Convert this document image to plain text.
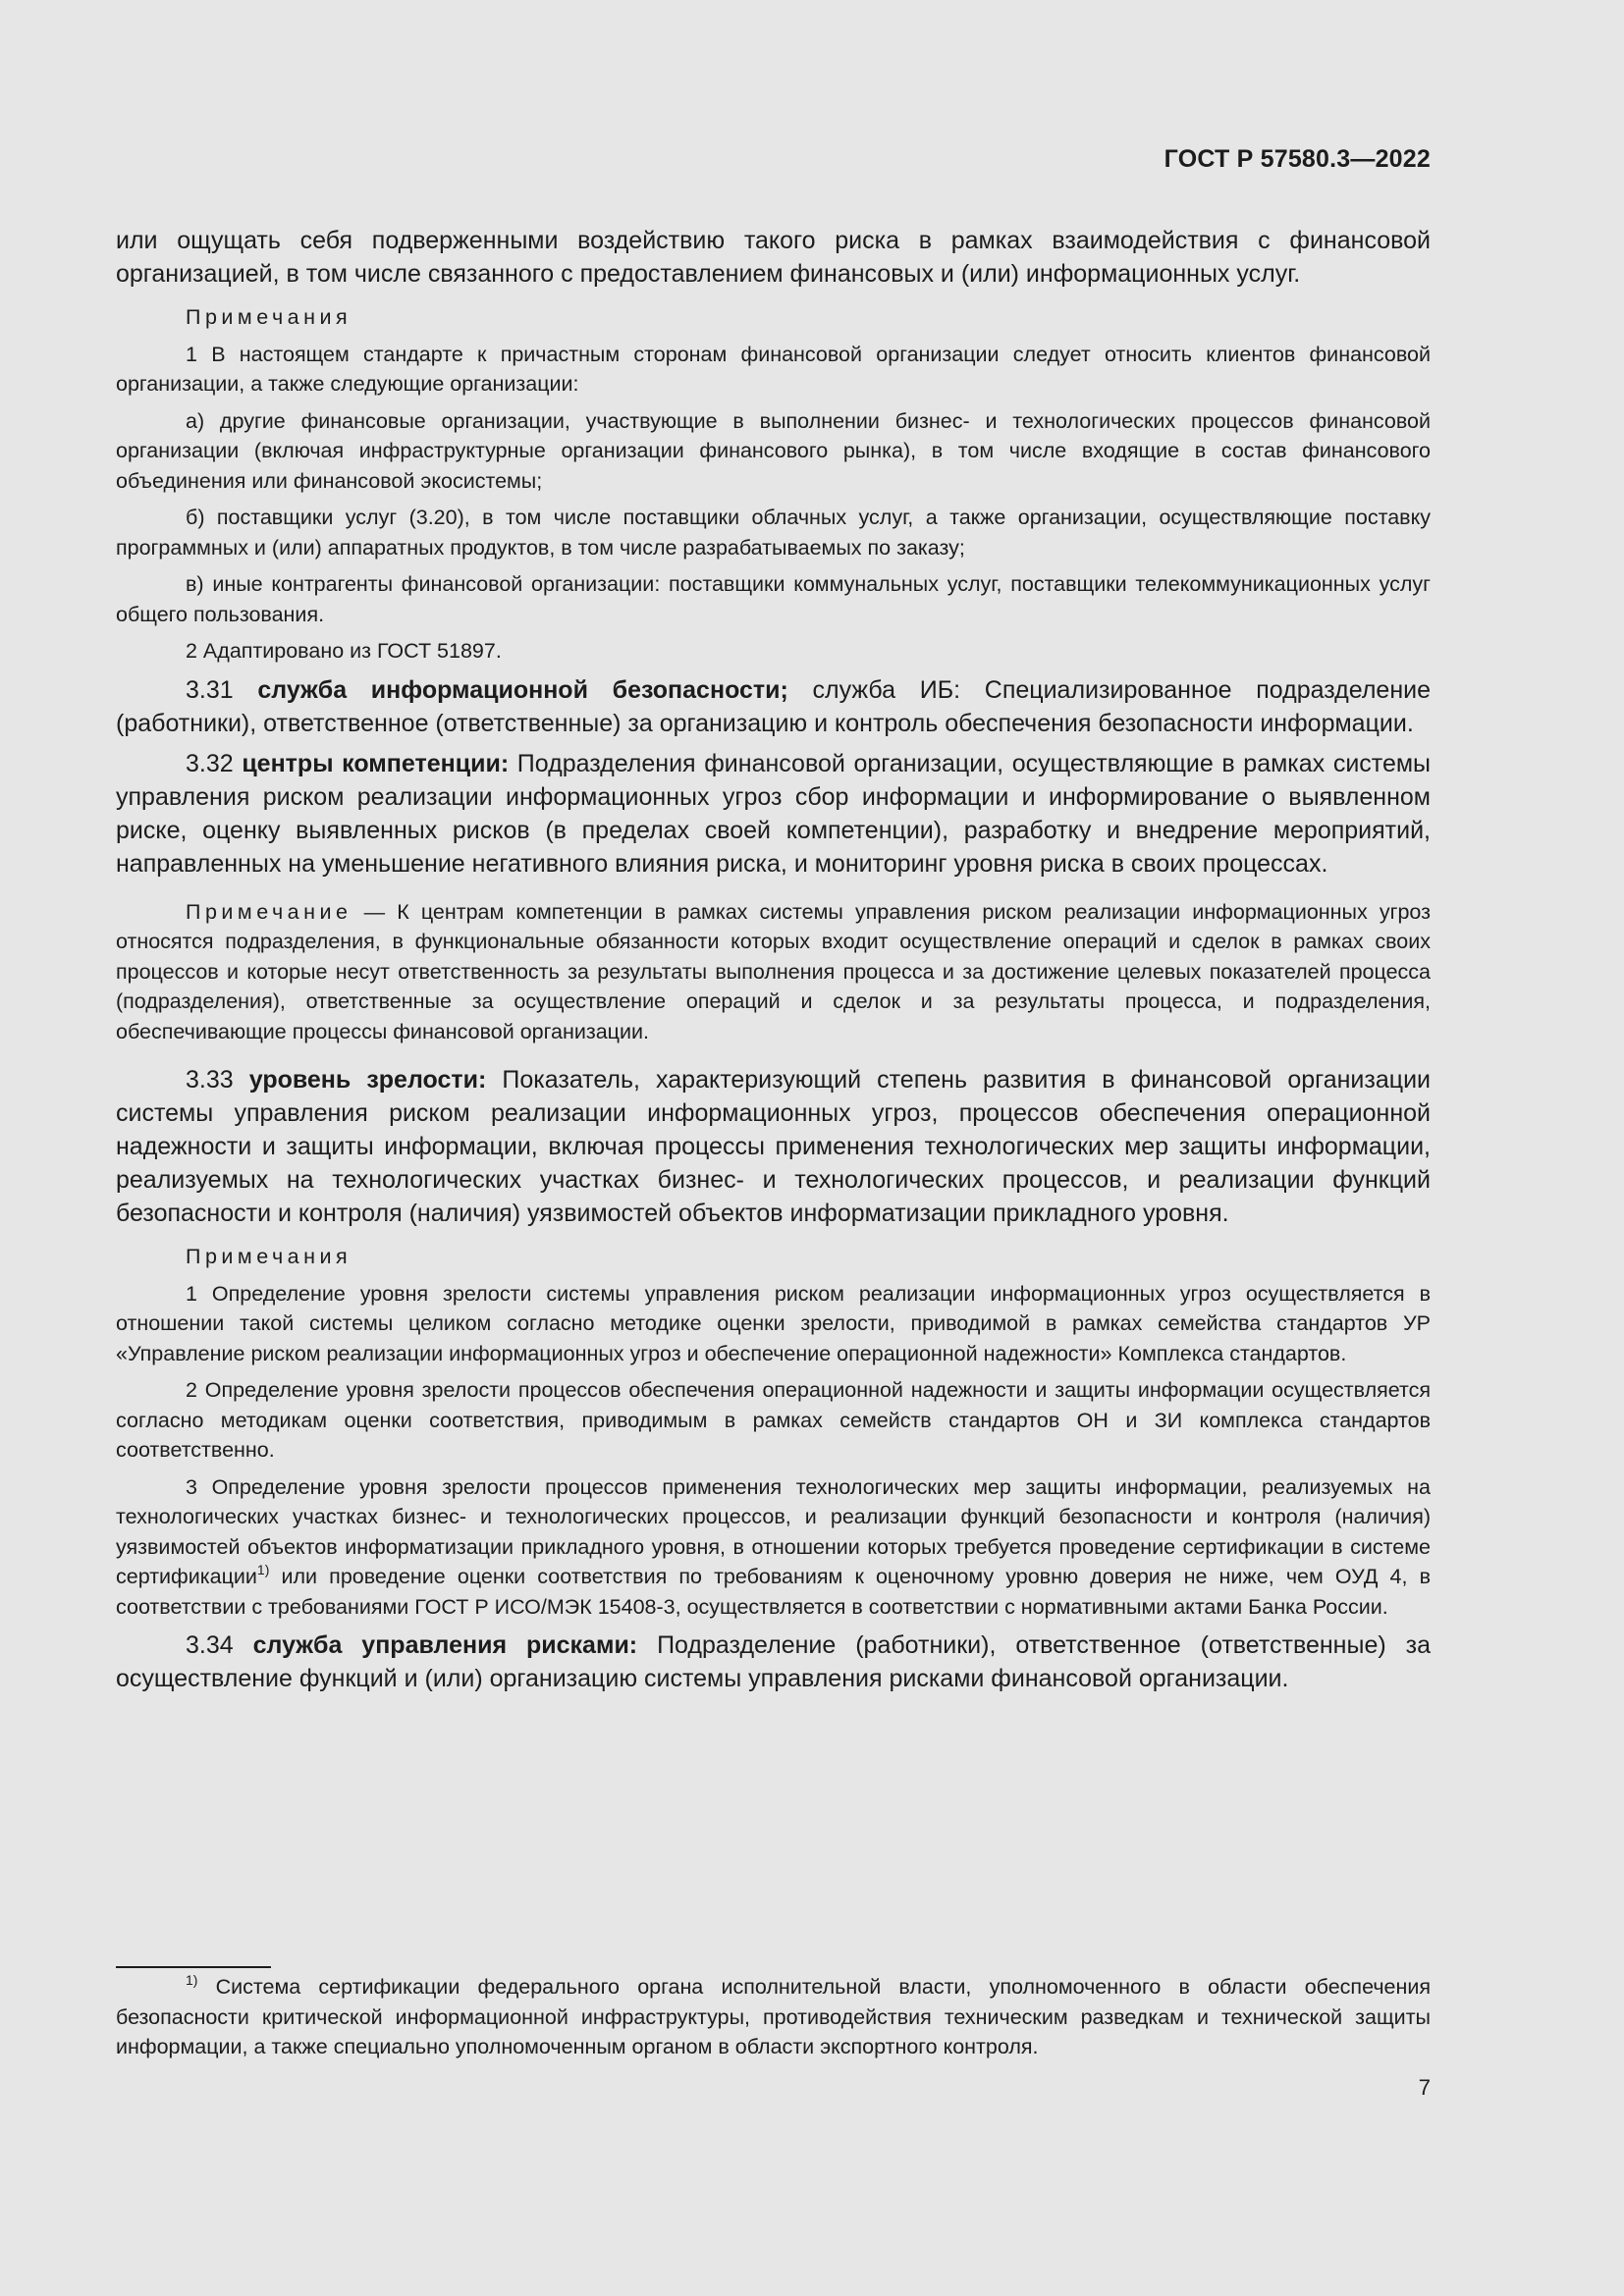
ГОСТ Р 57580.3—2022

или ощущать себя подверженными воздействию такого риска в рамках взаимодействия с финансовой организацией, в том числе связанного с предоставлением финансовых и (или) информационных услуг.

Примечания

1 В настоящем стандарте к причастным сторонам финансовой организации следует относить клиентов финансовой организации, а также следующие организации:

а) другие финансовые организации, участвующие в выполнении бизнес- и технологических процессов финансовой организации (включая инфраструктурные организации финансового рынка), в том числе входящие в состав финансового объединения или финансовой экосистемы;

б) поставщики услуг (3.20), в том числе поставщики облачных услуг, а также организации, осуществляющие поставку программных и (или) аппаратных продуктов, в том числе разрабатываемых по заказу;

в) иные контрагенты финансовой организации: поставщики коммунальных услуг, поставщики телекоммуникационных услуг общего пользования.

2 Адаптировано из ГОСТ 51897.

3.31 служба информационной безопасности; служба ИБ: Специализированное подразделение (работники), ответственное (ответственные) за организацию и контроль обеспечения безопасности информации.

3.32 центры компетенции: Подразделения финансовой организации, осуществляющие в рамках системы управления риском реализации информационных угроз сбор информации и информирование о выявленном риске, оценку выявленных рисков (в пределах своей компетенции), разработку и внедрение мероприятий, направленных на уменьшение негативного влияния риска, и мониторинг уровня риска в своих процессах.

Примечание — К центрам компетенции в рамках системы управления риском реализации информационных угроз относятся подразделения, в функциональные обязанности которых входит осуществление операций и сделок в рамках своих процессов и которые несут ответственность за результаты выполнения процесса и за достижение целевых показателей процесса (подразделения), ответственные за осуществление операций и сделок и за результаты процесса, и подразделения, обеспечивающие процессы финансовой организации.

3.33 уровень зрелости: Показатель, характеризующий степень развития в финансовой организации системы управления риском реализации информационных угроз, процессов обеспечения операционной надежности и защиты информации, включая процессы применения технологических мер защиты информации, реализуемых на технологических участках бизнес- и технологических процессов, и реализации функций безопасности и контроля (наличия) уязвимостей объектов информатизации прикладного уровня.

Примечания

1 Определение уровня зрелости системы управления риском реализации информационных угроз осуществляется в отношении такой системы целиком согласно методике оценки зрелости, приводимой в рамках семейства стандартов УР «Управление риском реализации информационных угроз и обеспечение операционной надежности» Комплекса стандартов.

2 Определение уровня зрелости процессов обеспечения операционной надежности и защиты информации осуществляется согласно методикам оценки соответствия, приводимым в рамках семейств стандартов ОН и ЗИ комплекса стандартов соответственно.

3 Определение уровня зрелости процессов применения технологических мер защиты информации, реализуемых на технологических участках бизнес- и технологических процессов, и реализации функций безопасности и контроля (наличия) уязвимостей объектов информатизации прикладного уровня, в отношении которых требуется проведение сертификации в системе сертификации$^{1)}$ или проведение оценки соответствия по требованиям к оценочному уровню доверия не ниже, чем ОУД 4, в соответствии с требованиями ГОСТ Р ИСО/МЭК 15408-3, осуществляется в соответствии с нормативными актами Банка России.

3.34 служба управления рисками: Подразделение (работники), ответственное (ответственные) за осуществление функций и (или) организацию системы управления рисками финансовой организации.

$^{1)}$ Система сертификации федерального органа исполнительной власти, уполномоченного в области обеспечения безопасности критической информационной инфраструктуры, противодействия техническим разведкам и технической защиты информации, а также специально уполномоченным органом в области экспортного контроля.

7
